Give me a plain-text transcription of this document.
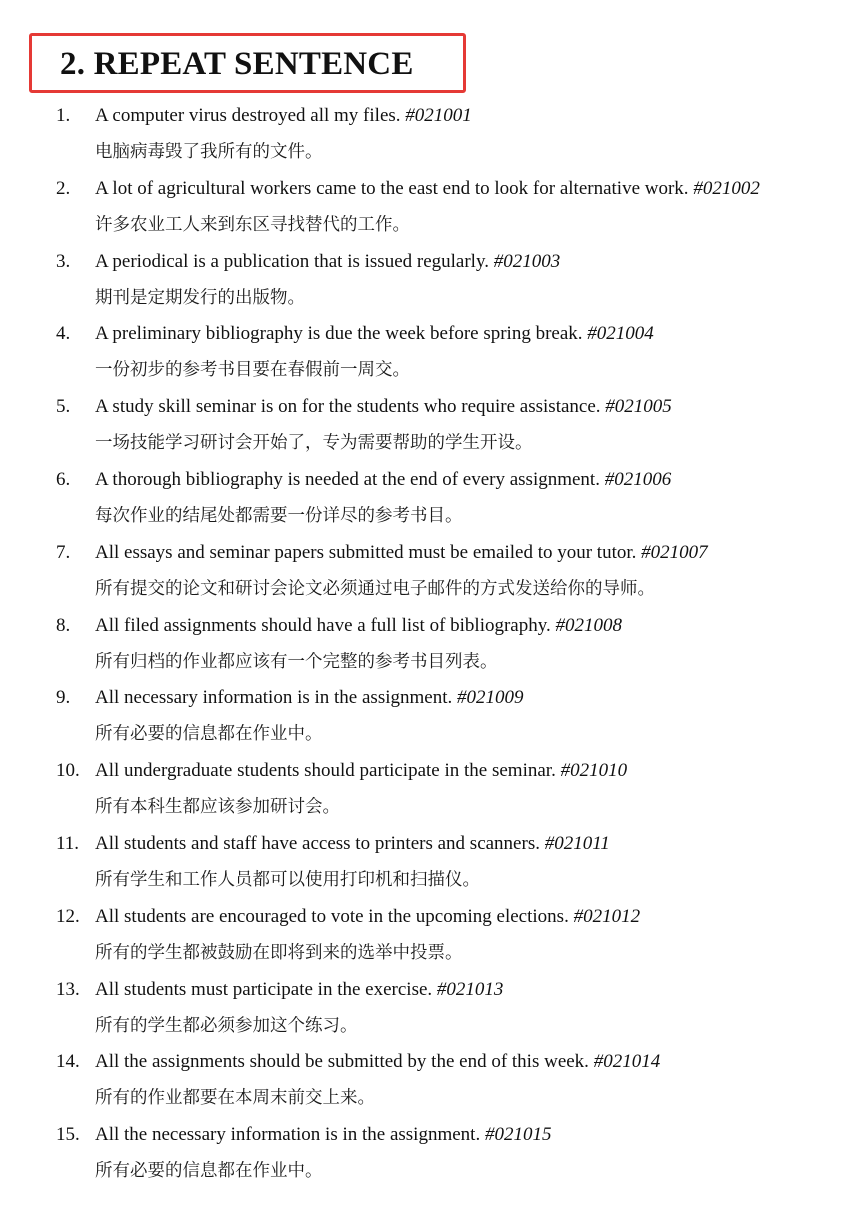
2. REPEAT SENTENCE
1.	A computer virus destroyed all my files. #021001
电脑病毒毁了我所有的文件。
2.	A lot of agricultural workers came to the east end to look for alternative work. #021002
许多农业工人来到东区寻找替代的工作。
3.	A periodical is a publication that is issued regularly. #021003
期刊是定期发行的出版物。
4.	A preliminary bibliography is due the week before spring break. #021004
一份初步的参考书目要在春假前一周交。
5.	A study skill seminar is on for the students who require assistance. #021005
一场技能学习研讨会开始了，专为需要帮助的学生开设。
6.	A thorough bibliography is needed at the end of every assignment. #021006
每次作业的结尾处都需要一份详尽的参考书目。
7.	All essays and seminar papers submitted must be emailed to your tutor. #021007
所有提交的论文和研讨会论文必须通过电子邮件的方式发送给你的导师。
8.	All filed assignments should have a full list of bibliography. #021008
所有归档的作业都应该有一个完整的参考书目列表。
9.	All necessary information is in the assignment. #021009
所有必要的信息都在作业中。
10. All undergraduate students should participate in the seminar. #021010
所有本科生都应该参加研讨会。
11. All students and staff have access to printers and scanners. #021011
所有学生和工作人员都可以使用打印机和扫描仪。
12. All students are encouraged to vote in the upcoming elections. #021012
所有的学生都被鼓励在即将到来的选举中投票。
13. All students must participate in the exercise. #021013
所有的学生都必须参加这个练习。
14. All the assignments should be submitted by the end of this week. #021014
所有的作业都要在本周末前交上来。
15. All the necessary information is in the assignment. #021015
所有必要的信息都在作业中。
